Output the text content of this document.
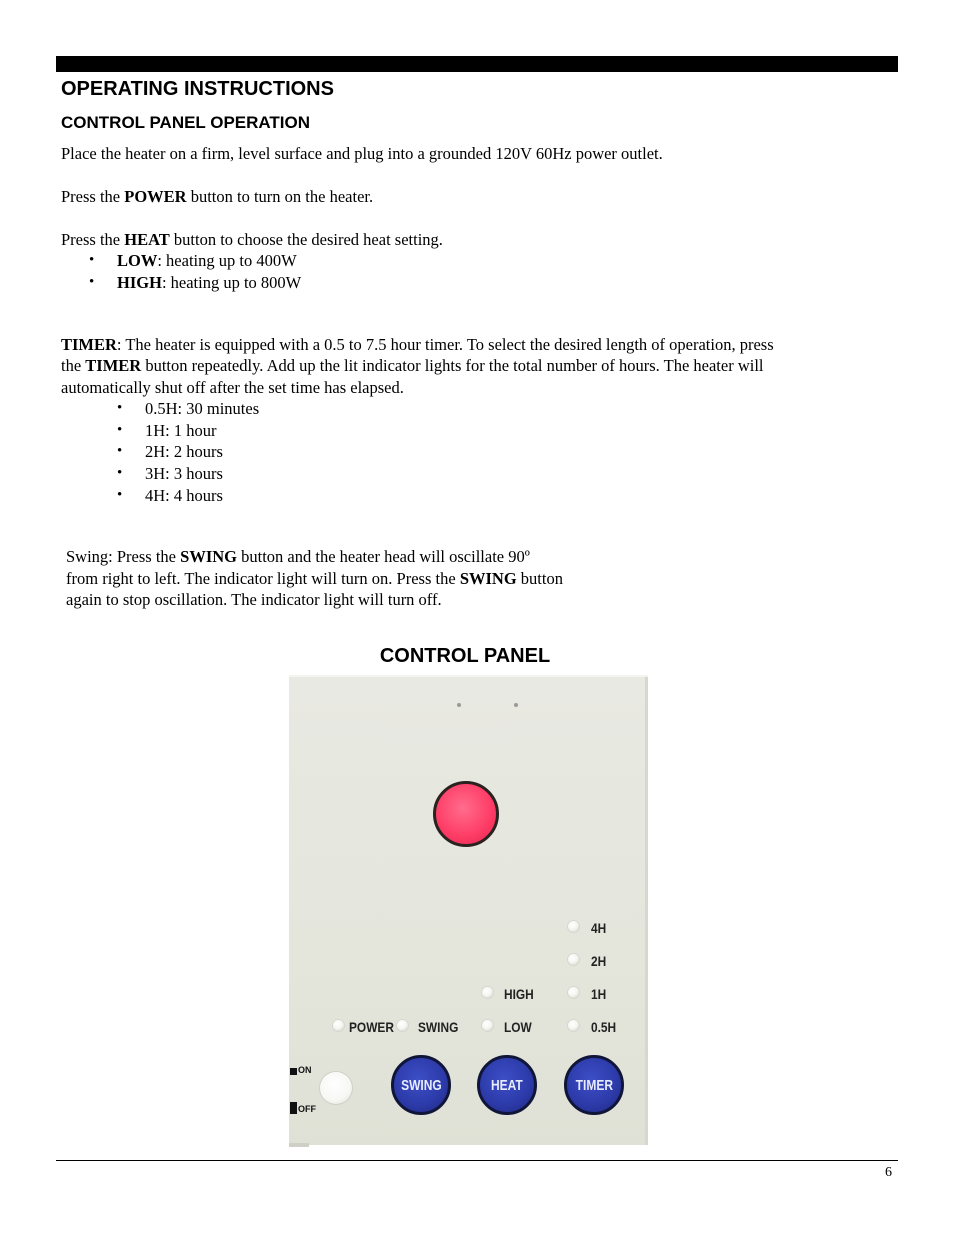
OPERATING INSTRUCTIONS
CONTROL PANEL OPERATION

Place the heater on a firm, level surface and plug into a grounded 120V 60Hz power outlet.

Press the POWER button to turn on the heater.

Press the HEAT button to choose the desired heat setting.

• LOW: heating up to 400W
• HIGH: heating up to 800W

TIMER: The heater is equipped with a 0.5 to 7.5 hour timer. To select the desired length of operation, press

the TIMER button repeatedly. Add up the lit indicator lights for the total number of hours. The heater will

automatically shut off after the set time has elapsed.

• 0.5H: 30 minutes
• 1H: 1 hour
• 2H: 2 hours
• 3H: 3 hours
• 4H: 4 hours

Swing: Press the SWING button and the heater head will oscillate 90º

from right to left. The indicator light will turn on. Press the SWING button

again to stop oscillation. The indicator light will turn off.

CONTROL PANEL
4H
2H
1H
0.5H
HIGH
LOW
POWER SWING
ON
OFF
SWING	HEAT	TIMER
6
